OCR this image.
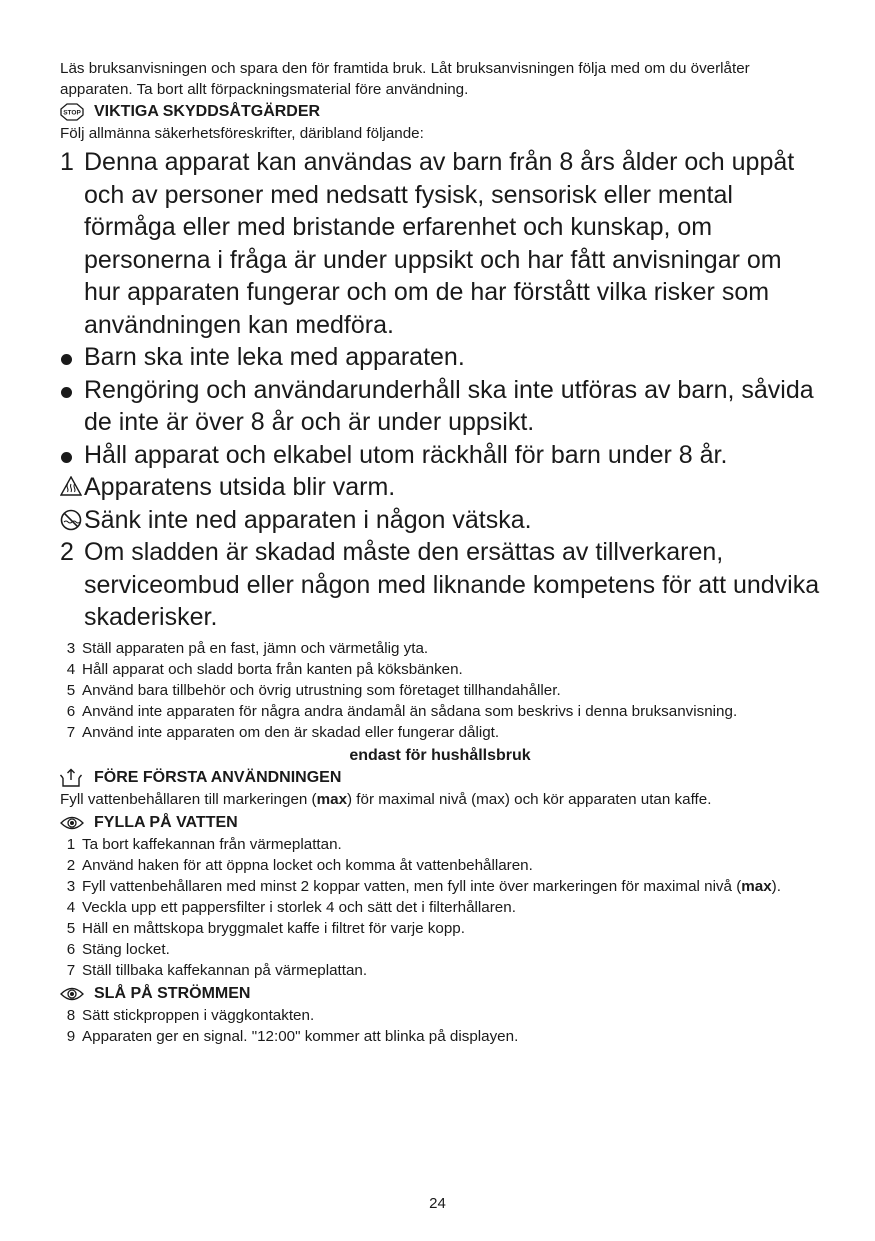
Läs bruksanvisningen och spara den för framtida bruk. Låt bruksanvisningen följa med om du överlåter apparaten. Ta bort allt förpackningsmaterial före användning.

STOP VIKTIGA SKYDDSÅTGÄRDER
Följ allmänna säkerhetsföreskrifter, däribland följande:
1 Denna apparat kan användas av barn från 8 års ålder och uppåt och av personer med nedsatt fysisk, sensorisk eller mental förmåga eller med bristande erfarenhet och kunskap, om personerna i fråga är under uppsikt och har fått anvisningar om hur apparaten fungerar och om de har förstått vilka risker som användningen kan medföra.
Barn ska inte leka med apparaten.
Rengöring och användarunderhåll ska inte utföras av barn, såvida de inte är över 8 år och är under uppsikt.
Håll apparat och elkabel utom räckhåll för barn under 8 år.
Apparatens utsida blir varm.
Sänk inte ned apparaten i någon vätska.
2 Om sladden är skadad måste den ersättas av tillverkaren, serviceombud eller någon med liknande kompetens för att undvika skaderisker.
3 Ställ apparaten på en fast, jämn och värmetålig yta.
4 Håll apparat och sladd borta från kanten på köksbänken.
5 Använd bara tillbehör och övrig utrustning som företaget tillhandahåller.
6 Använd inte apparaten för några andra ändamål än sådana som beskrivs i denna bruksanvisning.
7 Använd inte apparaten om den är skadad eller fungerar dåligt.
endast för hushållsbruk
FÖRE FÖRSTA ANVÄNDNINGEN
Fyll vattenbehållaren till markeringen (max) för maximal nivå (max) och kör apparaten utan kaffe.
FYLLA PÅ VATTEN
1 Ta bort kaffekannan från värmeplattan.
2 Använd haken för att öppna locket och komma åt vattenbehållaren.
3 Fyll vattenbehållaren med minst 2 koppar vatten, men fyll inte över markeringen för maximal nivå (max).
4 Veckla upp ett pappersfilter i storlek 4 och sätt det i filterhållaren.
5 Häll en måttskopa bryggmalet kaffe i filtret för varje kopp.
6 Stäng locket.
7 Ställ tillbaka kaffekannan på värmeplattan.
SLÅ PÅ STRÖMMEN
8 Sätt stickproppen i väggkontakten.
9 Apparaten ger en signal. "12:00" kommer att blinka på displayen.
24
